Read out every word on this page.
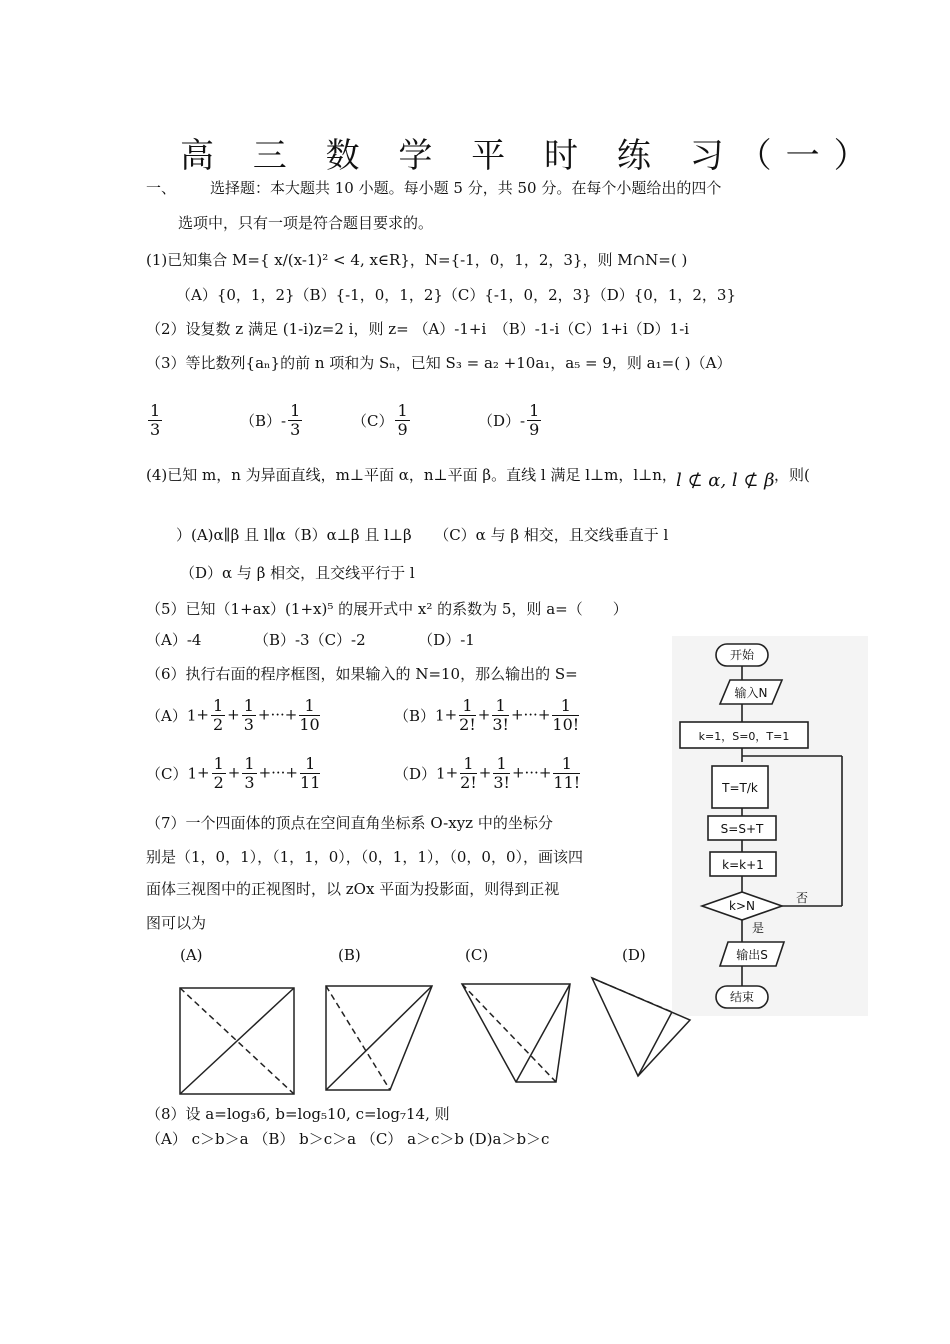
高 三 数 学 平 时 练 习（一）
一、 选择题：本大题共 10 小题。每小题 5 分，共 50 分。在每个小题给出的四个
选项中，只有一项是符合题目要求的。
(1)已知集合 M={ x/(x-1)² < 4, x∈R}，N={-1，0，1，2，3}，则 M∩N=( )
（A）{0，1，2}（B）{-1，0，1，2}（C）{-1，0，2，3}（D）{0，1，2，3}
（2）设复数 z 满足 (1-i)z=2 i，则 z= （A）-1+i　（B）-1-i（C）1+i（D）1-i
（3）等比数列{aₙ}的前 n 项和为 Sₙ，已知 S₃ = a₂ +10a₁，a₅ = 9，则 a₁=( )（A）
$\frac{1}{3}$	$(B)- \frac{1}{3}$	$(C) \frac{1}{9}$	$(D)- \frac{1}{9}$
(4)已知 m，n 为异面直线，m⊥平面 α，n⊥平面 β。直线 l 满足 l⊥m，l⊥n， l ⊄ α, l ⊄ β ，则(
）(A)α∥β 且 l∥α（B）α⊥β 且 l⊥β　　（C）α 与 β 相交，且交线垂直于 l
（D）α 与 β 相交，且交线平行于 l
（5）已知（1+ax）(1+x)⁵ 的展开式中 x² 的系数为 5，则 a=（　　）
（A）-4　　　　（B）-3（C）-2　　　　（D）-1
（6）执行右面的程序框图，如果输入的 N=10，那么输出的 S=
$(A)1+ \frac{1}{2} + \frac{1}{3}$ +···+ $\frac{1}{10}$	$(B)1+ \frac{1}{2!} + \frac{1}{3!}$ +···+ $\frac{1}{10!}$
$(C)1+ \frac{1}{2} + \frac{1}{3}$ +···+ $\frac{1}{11}$	$(D)1+ \frac{1}{2!} + \frac{1}{3!}$ +···+ $\frac{1}{11!}$
开始
输入N
k=1，S=0，T=1
T=T/k
S=S+T
k=k+1
k>N
否
是
输出S
结束
（7）一个四面体的顶点在空间直角坐标系 O-xyz 中的坐标分
别是（1，0，1），（1，1，0），（0，1，1），（0，0，0），画该四
面体三视图中的正视图时，以 zOx 平面为投影面，则得到正视
图可以为
(A)	(B)	(C)	(D)
（8）设 a=log₃6, b=log₅10, c=log₇14, 则
（A） c＞b＞a （B） b＞c＞a （C） a＞c＞b (D)a＞b＞c
